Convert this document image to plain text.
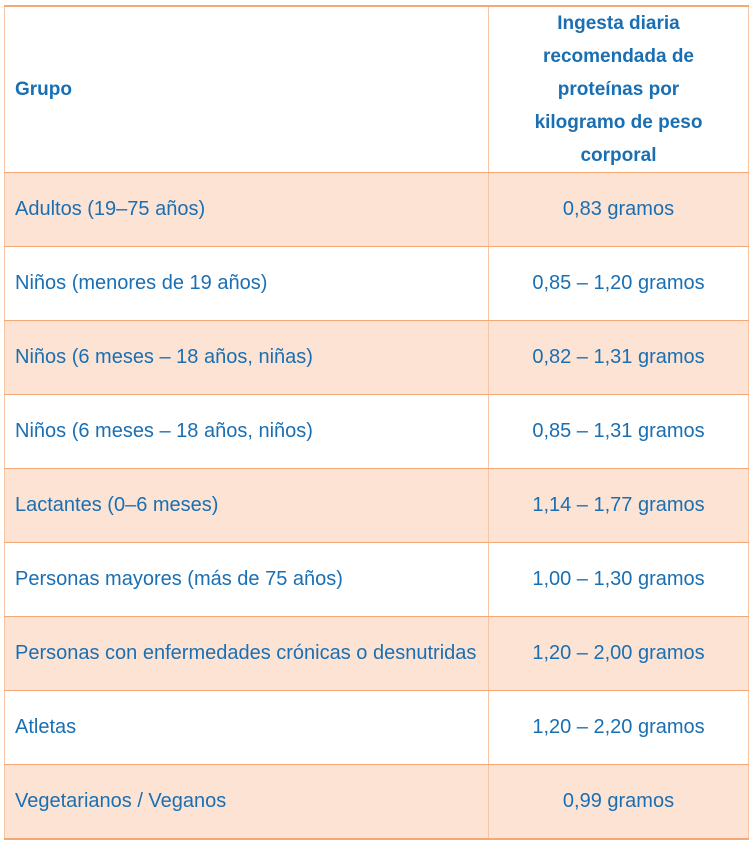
Grupo	Ingesta diaria recomendada de proteínas por kilogramo de peso corporal
Adultos (19–75 años)	0,83 gramos
Niños (menores de 19 años)	0,85 – 1,20 gramos
Niños (6 meses – 18 años, niñas)	0,82 – 1,31 gramos
Niños (6 meses – 18 años, niños)	0,85 – 1,31 gramos
Lactantes (0–6 meses)	1,14 – 1,77 gramos
Personas mayores (más de 75 años)	1,00 – 1,30 gramos
Personas con enfermedades crónicas o desnutridas	1,20 – 2,00 gramos
Atletas	1,20 – 2,20 gramos
Vegetarianos / Veganos	0,99 gramos
